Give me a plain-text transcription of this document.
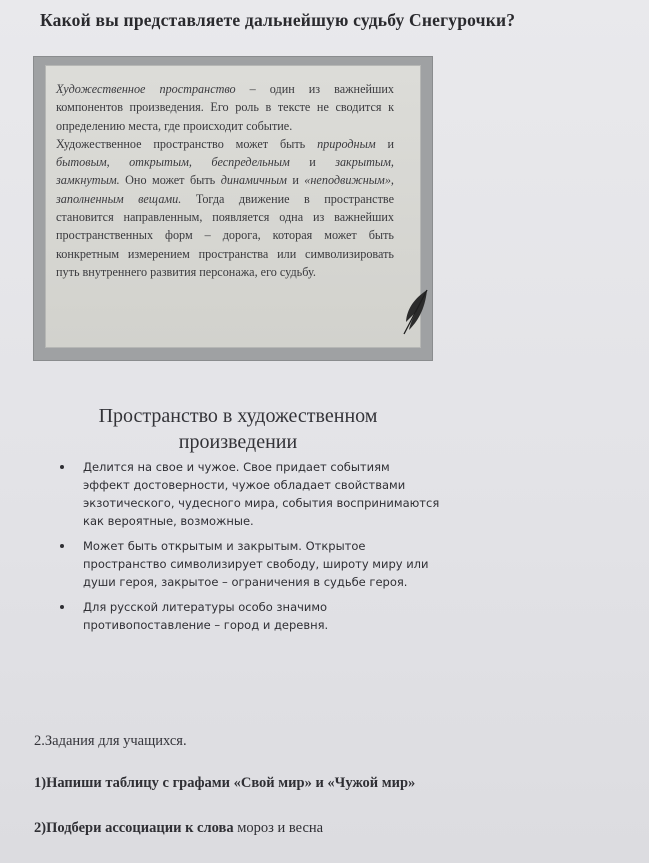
Какой вы представляете дальнейшую судьбу Снегурочки?

Художественное пространство – один из важнейших компонентов произведения. Его роль в тексте не сводится к определению места, где происходит событие.

Художественное пространство может быть природным и бытовым, открытым, беспредельным и закрытым, замкнутым. Оно может быть динамичным и «неподвижным», заполненным вещами. Тогда движение в пространстве становится направленным, появляется одна из важнейших пространственных форм – дорога, которая может быть конкретным измерением пространства или символизировать путь внутреннего развития персонажа, его судьбу.

Пространство в художественном произведении
Делится на свое и чужое. Свое придает событиям эффект достоверности, чужое обладает свойствами экзотического, чудесного мира, события воспринимаются как вероятные, возможные.
Может быть открытым и закрытым. Открытое пространство символизирует свободу, широту миру или души героя, закрытое – ограничения в судьбе героя.
Для русской литературы особо значимо противопоставление – город и деревня.
2.Задания для учащихся.
1)Напиши таблицу с графами «Свой мир» и «Чужой мир»
2)Подбери ассоциации к слова мороз и весна
